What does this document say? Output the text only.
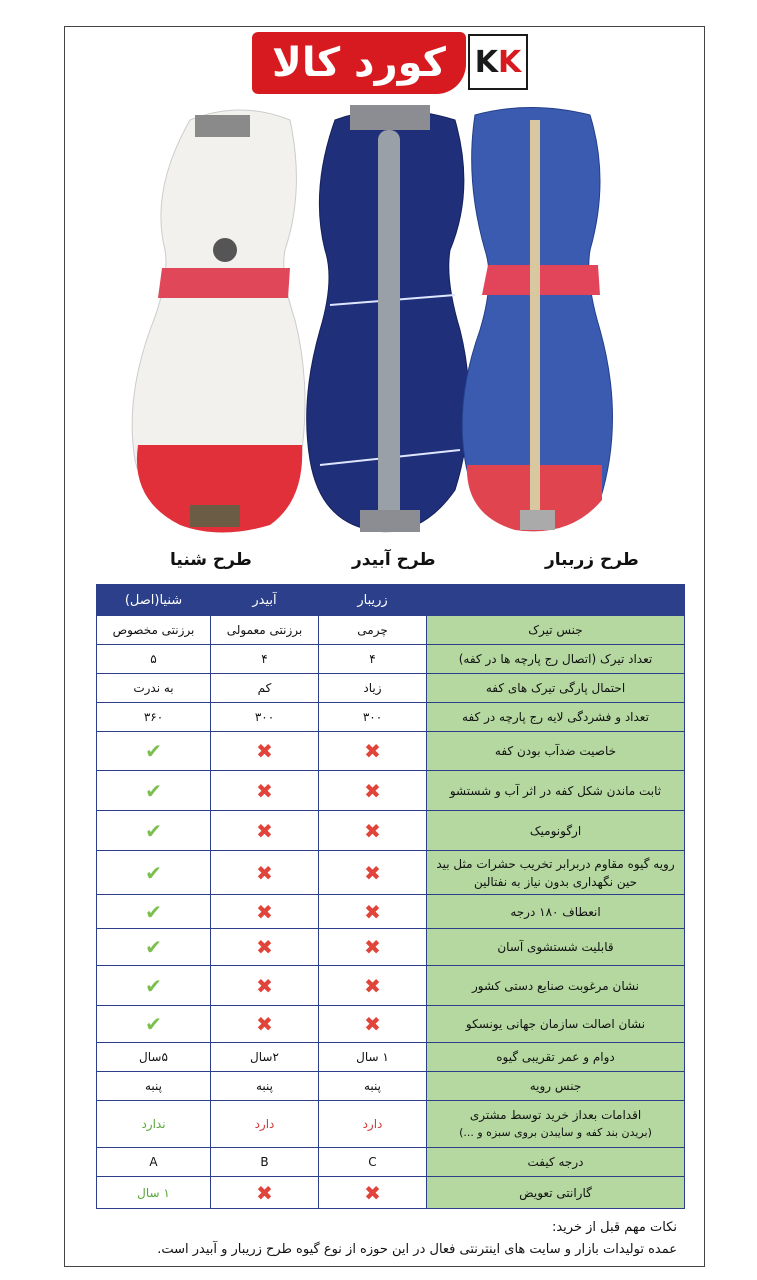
کورد کالا K K
طرح زرببار
طرح آبیدر
طرح شنیا
	زریبار	آبیدر	شنیا(اصل)
جنس تیرک	چرمی	برزنتی معمولی	برزنتی مخصوص
تعداد تیرک (اتصال رج پارچه ها در کفه)	۴	۴	۵
احتمال پارگی تیرک های کفه	زیاد	کم	به ندرت
تعداد و فشردگی لایه رج پارچه در کفه	۳۰۰	۳۰۰	۳۶۰
خاصیت ضدآب بودن کفه	✖	✖	✔
ثابت ماندن شکل کفه در اثر آب و شستشو	✖	✖	✔
ارگونومیک	✖	✖	✔
رویه گیوه مقاوم دربرابر تخریب حشرات مثل بید حین نگهداری بدون نیاز به نفتالین	✖	✖	✔
انعطاف ۱۸۰ درجه	✖	✖	✔
قابلیت شستشوی آسان	✖	✖	✔
نشان مرغوبت صنایع دستی کشور	✖	✖	✔
نشان اصالت سازمان جهانی یونسکو	✖	✖	✔
دوام و عمر تقریبی گیوه	۱ سال	۲سال	۵سال
جنس رویه	پنبه	پنبه	پنبه
اقدامات بعداز خرید توسط مشتری
(بریدن بند کفه و سایبدن بروی سبزه و ...)	دارد	دارد	ندارد
درجه کیفت	C	B	A
گارانتی تعویض	✖	✖	۱ سال
نکات مهم قبل از خرید:
عمده تولیدات بازار و سایت های اینترنتی فعال در این حوزه از نوع گیوه طرح زریبار و آبیدر است.
